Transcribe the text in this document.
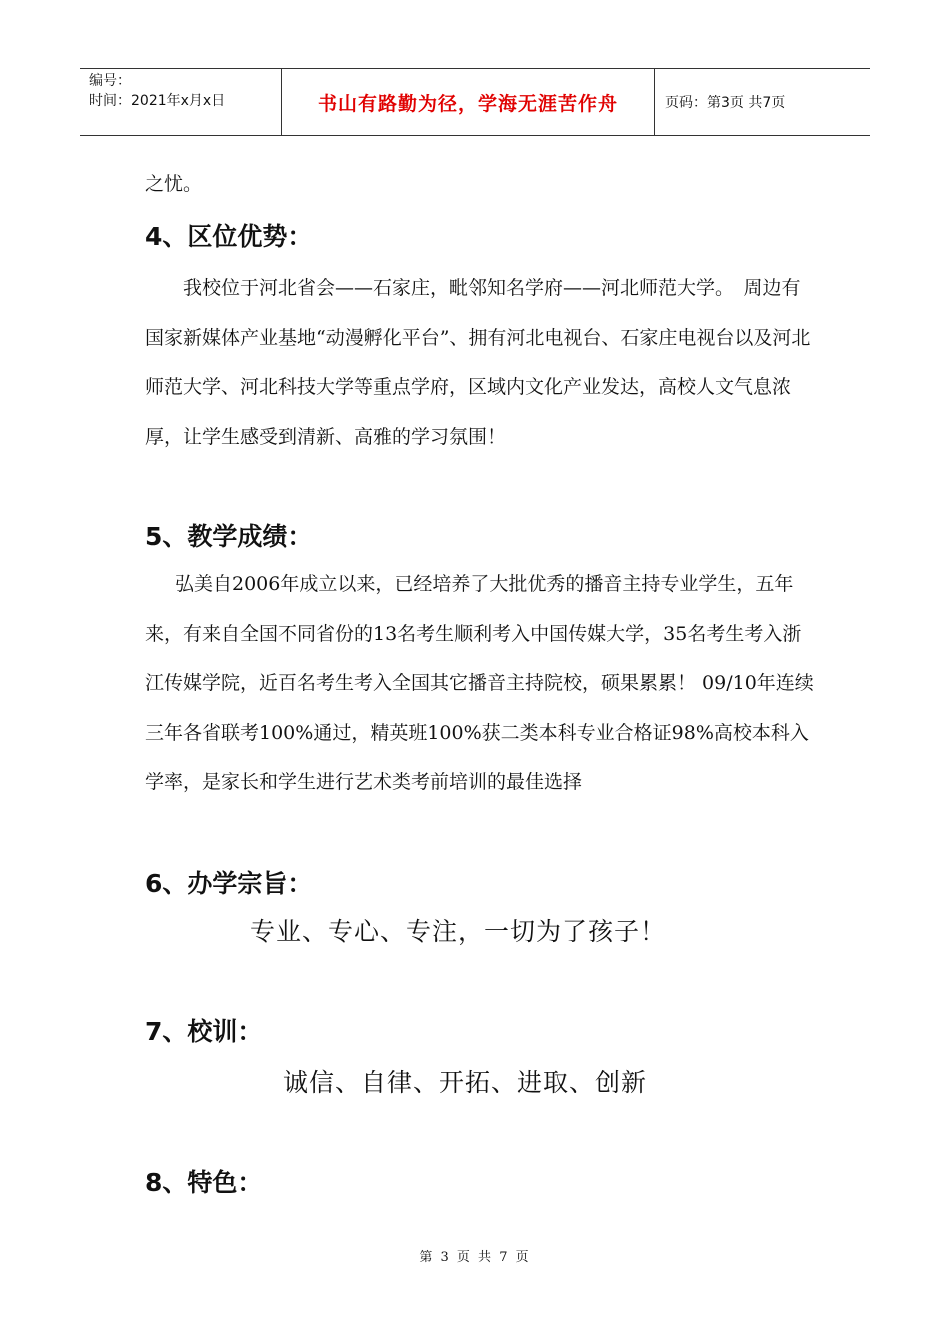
编号：
时间：2021年x月x日	书山有路勤为径，学海无涯苦作舟	页码：第3页 共7页

之忧。

4、区位优势：

　　我校位于河北省会——石家庄，毗邻知名学府——河北师范大学。　周边有国家新媒体产业基地“动漫孵化平台”、拥有河北电视台、石家庄电视台以及河北师范大学、河北科技大学等重点学府，区域内文化产业发达，高校人文气息浓厚，让学生感受到清新、高雅的学习氛围！

5、教学成绩：

弘美自2006年成立以来，已经培养了大批优秀的播音主持专业学生，五年来，有来自全国不同省份的13名考生顺利考入中国传媒大学，35名考生考入浙江传媒学院，近百名考生考入全国其它播音主持院校，硕果累累！ 09/10年连续三年各省联考100%通过，精英班100%获二类本科专业合格证98%高校本科入学率，是家长和学生进行艺术类考前培训的最佳选择

6、办学宗旨：
专业、专心、专注，一切为了孩子！
7、校训：
诚信、自律、开拓、进取、创新
8、特色：
第 3 页 共 7 页
